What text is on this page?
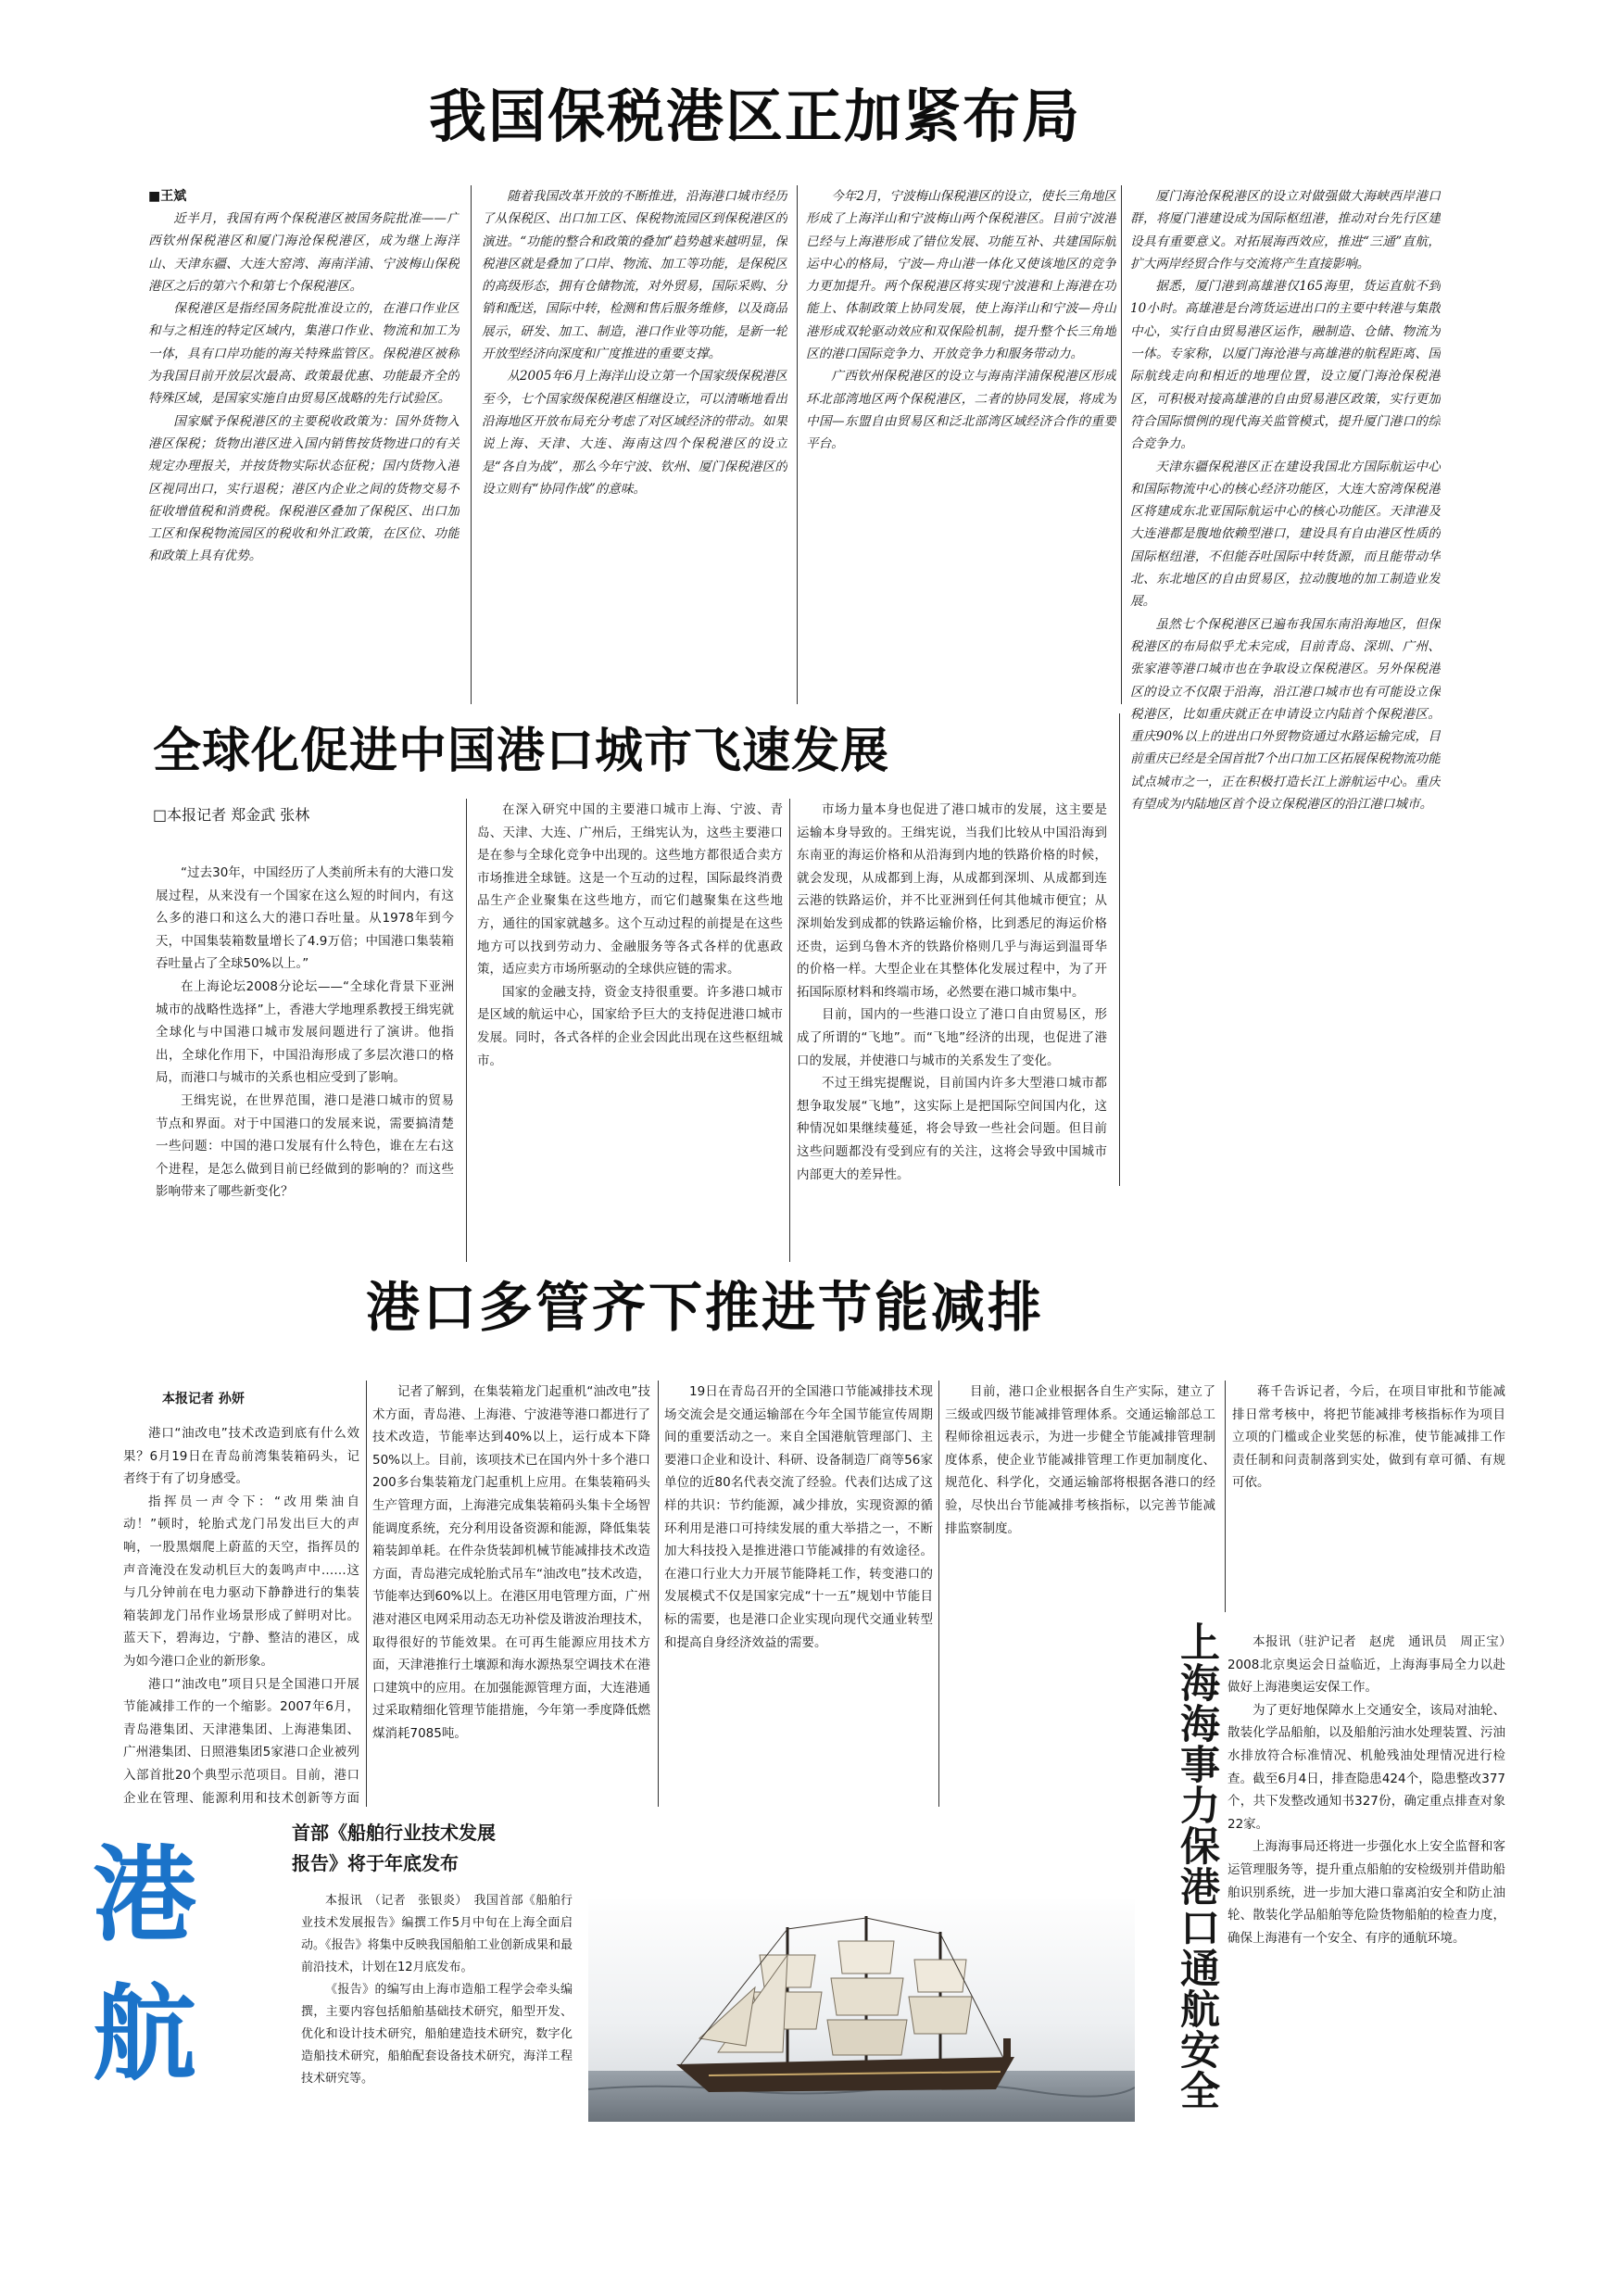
我国保税港区正加紧布局
■王斌

近半月，我国有两个保税港区被国务院批准——广西钦州保税港区和厦门海沧保税港区，成为继上海洋山、天津东疆、大连大窑湾、海南洋浦、宁波梅山保税港区之后的第六个和第七个保税港区。

保税港区是指经国务院批准设立的，在港口作业区和与之相连的特定区域内，集港口作业、物流和加工为一体，具有口岸功能的海关特殊监管区。保税港区被称为我国目前开放层次最高、政策最优惠、功能最齐全的特殊区域，是国家实施自由贸易区战略的先行试验区。

国家赋予保税港区的主要税收政策为：国外货物入港区保税；货物出港区进入国内销售按货物进口的有关规定办理报关，并按货物实际状态征税；国内货物入港区视同出口，实行退税；港区内企业之间的货物交易不征收增值税和消费税。保税港区叠加了保税区、出口加工区和保税物流园区的税收和外汇政策，在区位、功能和政策上具有优势。

随着我国改革开放的不断推进，沿海港口城市经历了从保税区、出口加工区、保税物流园区到保税港区的演进。“功能的整合和政策的叠加”趋势越来越明显，保税港区就是叠加了口岸、物流、加工等功能，是保税区的高级形态，拥有仓储物流，对外贸易，国际采购、分销和配送，国际中转，检测和售后服务维修，以及商品展示，研发、加工、制造，港口作业等功能，是新一轮开放型经济向深度和广度推进的重要支撑。

从2005年6月上海洋山设立第一个国家级保税港区至今，七个国家级保税港区相继设立，可以清晰地看出沿海地区开放布局充分考虑了对区域经济的带动。如果说上海、天津、大连、海南这四个保税港区的设立是“各自为战”，那么今年宁波、钦州、厦门保税港区的设立则有“协同作战”的意味。

今年2月，宁波梅山保税港区的设立，使长三角地区形成了上海洋山和宁波梅山两个保税港区。目前宁波港已经与上海港形成了错位发展、功能互补、共建国际航运中心的格局，宁波—舟山港一体化又使该地区的竞争力更加提升。两个保税港区将实现宁波港和上海港在功能上、体制政策上协同发展，使上海洋山和宁波—舟山港形成双轮驱动效应和双保险机制，提升整个长三角地区的港口国际竞争力、开放竞争力和服务带动力。

广西钦州保税港区的设立与海南洋浦保税港区形成环北部湾地区两个保税港区，二者的协同发展，将成为中国—东盟自由贸易区和泛北部湾区域经济合作的重要平台。

厦门海沧保税港区的设立对做强做大海峡西岸港口群，将厦门港建设成为国际枢纽港，推动对台先行区建设具有重要意义。对拓展海西效应，推进“三通”直航，扩大两岸经贸合作与交流将产生直接影响。

据悉，厦门港到高雄港仅165海里，货运直航不到10小时。高雄港是台湾货运进出口的主要中转港与集散中心，实行自由贸易港区运作，融制造、仓储、物流为一体。专家称，以厦门海沧港与高雄港的航程距离、国际航线走向和相近的地理位置，设立厦门海沧保税港区，可积极对接高雄港的自由贸易港区政策，实行更加符合国际惯例的现代海关监管模式，提升厦门港口的综合竞争力。

天津东疆保税港区正在建设我国北方国际航运中心和国际物流中心的核心经济功能区，大连大窑湾保税港区将建成东北亚国际航运中心的核心功能区。天津港及大连港都是腹地依赖型港口，建设具有自由港区性质的国际枢纽港，不但能吞吐国际中转货源，而且能带动华北、东北地区的自由贸易区，拉动腹地的加工制造业发展。

虽然七个保税港区已遍布我国东南沿海地区，但保税港区的布局似乎尤未完成，目前青岛、深圳、广州、张家港等港口城市也在争取设立保税港区。另外保税港区的设立不仅限于沿海，沿江港口城市也有可能设立保税港区，比如重庆就正在申请设立内陆首个保税港区。重庆90%以上的进出口外贸物资通过水路运输完成，目前重庆已经是全国首批7个出口加工区拓展保税物流功能试点城市之一，正在积极打造长江上游航运中心。重庆有望成为内陆地区首个设立保税港区的沿江港口城市。

全球化促进中国港口城市飞速发展
□本报记者 郑金武 张林

“过去30年，中国经历了人类前所未有的大港口发展过程，从来没有一个国家在这么短的时间内，有这么多的港口和这么大的港口吞吐量。从1978年到今天，中国集装箱数量增长了4.9万倍；中国港口集装箱吞吐量占了全球50%以上。”

在上海论坛2008分论坛——“全球化背景下亚洲城市的战略性选择”上，香港大学地理系教授王缉宪就全球化与中国港口城市发展问题进行了演讲。他指出，全球化作用下，中国沿海形成了多层次港口的格局，而港口与城市的关系也相应受到了影响。

王缉宪说，在世界范围，港口是港口城市的贸易节点和界面。对于中国港口的发展来说，需要搞清楚一些问题：中国的港口发展有什么特色，谁在左右这个进程，是怎么做到目前已经做到的影响的？而这些影响带来了哪些新变化？

在深入研究中国的主要港口城市上海、宁波、青岛、天津、大连、广州后，王缉宪认为，这些主要港口是在参与全球化竞争中出现的。这些地方都很适合卖方市场推进全球链。这是一个互动的过程，国际最终消费品生产企业聚集在这些地方，而它们越聚集在这些地方，通往的国家就越多。这个互动过程的前提是在这些地方可以找到劳动力、金融服务等各式各样的优惠政策，适应卖方市场所驱动的全球供应链的需求。

国家的金融支持，资金支持很重要。许多港口城市是区域的航运中心，国家给予巨大的支持促进港口城市发展。同时，各式各样的企业会因此出现在这些枢纽城市。

市场力量本身也促进了港口城市的发展，这主要是运输本身导致的。王缉宪说，当我们比较从中国沿海到东南亚的海运价格和从沿海到内地的铁路价格的时候，就会发现，从成都到上海，从成都到深圳、从成都到连云港的铁路运价，并不比亚洲到任何其他城市便宜；从深圳始发到成都的铁路运输价格，比到悉尼的海运价格还贵，运到乌鲁木齐的铁路价格则几乎与海运到温哥华的价格一样。大型企业在其整体化发展过程中，为了开拓国际原材料和终端市场，必然要在港口城市集中。

目前，国内的一些港口设立了港口自由贸易区，形成了所谓的“飞地”。而“飞地”经济的出现，也促进了港口的发展，并使港口与城市的关系发生了变化。

不过王缉宪提醒说，目前国内许多大型港口城市都想争取发展“飞地”，这实际上是把国际空间国内化，这种情况如果继续蔓延，将会导致一些社会问题。但目前这些问题都没有受到应有的关注，这将会导致中国城市内部更大的差异性。

港口多管齐下推进节能减排
本报记者 孙妍

港口“油改电”技术改造到底有什么效果？6月19日在青岛前湾集装箱码头，记者终于有了切身感受。

指挥员一声令下：“改用柴油自动！”顿时，轮胎式龙门吊发出巨大的声响，一股黑烟爬上蔚蓝的天空，指挥员的声音淹没在发动机巨大的轰鸣声中……这与几分钟前在电力驱动下静静进行的集装箱装卸龙门吊作业场景形成了鲜明对比。蓝天下，碧海边，宁静、整洁的港区，成为如今港口企业的新形象。

港口“油改电”项目只是全国港口开展节能减排工作的一个缩影。2007年6月，青岛港集团、天津港集团、上海港集团、广州港集团、日照港集团5家港口企业被列入部首批20个典型示范项目。目前，港口企业在管理、能源利用和技术创新等方面

记者了解到，在集装箱龙门起重机“油改电”技术方面，青岛港、上海港、宁波港等港口都进行了技术改造，节能率达到40%以上，运行成本下降50%以上。目前，该项技术已在国内外十多个港口200多台集装箱龙门起重机上应用。在集装箱码头生产管理方面，上海港完成集装箱码头集卡全场智能调度系统，充分利用设备资源和能源，降低集装箱装卸单耗。在件杂货装卸机械节能减排技术改造方面，青岛港完成轮胎式吊车“油改电”技术改造，节能率达到60%以上。在港区用电管理方面，广州港对港区电网采用动态无功补偿及谐波治理技术，取得很好的节能效果。在可再生能源应用技术方面，天津港推行土壤源和海水源热泵空调技术在港口建筑中的应用。在加强能源管理方面，大连港通过采取精细化管理节能措施，今年第一季度降低燃煤消耗7085吨。

19日在青岛召开的全国港口节能减排技术现场交流会是交通运输部在今年全国节能宣传周期间的重要活动之一。来自全国港航管理部门、主要港口企业和设计、科研、设备制造厂商等56家单位的近80名代表交流了经验。代表们达成了这样的共识：节约能源，减少排放，实现资源的循环利用是港口可持续发展的重大举措之一，不断加大科技投入是推进港口节能减排的有效途径。在港口行业大力开展节能降耗工作，转变港口的发展模式不仅是国家完成“十一五”规划中节能目标的需要，也是港口企业实现向现代交通业转型和提高自身经济效益的需要。

目前，港口企业根据各自生产实际，建立了三级或四级节能减排管理体系。交通运输部总工程师徐祖远表示，为进一步健全节能减排管理制度体系，使企业节能减排管理工作更加制度化、规范化、科学化，交通运输部将根据各港口的经验，尽快出台节能减排考核指标，以完善节能减排监察制度。

蒋千告诉记者，今后，在项目审批和节能减排日常考核中，将把节能减排考核指标作为项目立项的门槛或企业奖惩的标准，使节能减排工作责任制和问责制落到实处，做到有章可循、有规可依。

港
航
首部《船舶行业技术发展
报告》将于年底发布

本报讯　（记者　张银炎）　我国首部《船舶行业技术发展报告》编撰工作5月中旬在上海全面启动。《报告》将集中反映我国船舶工业创新成果和最前沿技术，计划在12月底发布。

《报告》的编写由上海市造船工程学会牵头编撰，主要内容包括船舶基础技术研究，船型开发、优化和设计技术研究，船舶建造技术研究，数字化造船技术研究，船舶配套设备技术研究，海洋工程技术研究等。	上海海事力保港口通航安全	本报讯（驻沪记者　赵虎　通讯员　周正宝）　2008北京奥运会日益临近，上海海事局全力以赴做好上海港奥运安保工作。

为了更好地保障水上交通安全，该局对油轮、散装化学品船舶，以及船舶污油水处理装置、污油水排放符合标准情况、机舱残油处理情况进行检查。截至6月4日，排查隐患424个，隐患整改377个，共下发整改通知书327份，确定重点排查对象22家。

上海海事局还将进一步强化水上安全监督和客运管理服务等，提升重点船舶的安检级别并借助船舶识别系统，进一步加大港口靠离泊安全和防止油轮、散装化学品船舶等危险货物船舶的检查力度，确保上海港有一个安全、有序的通航环境。
